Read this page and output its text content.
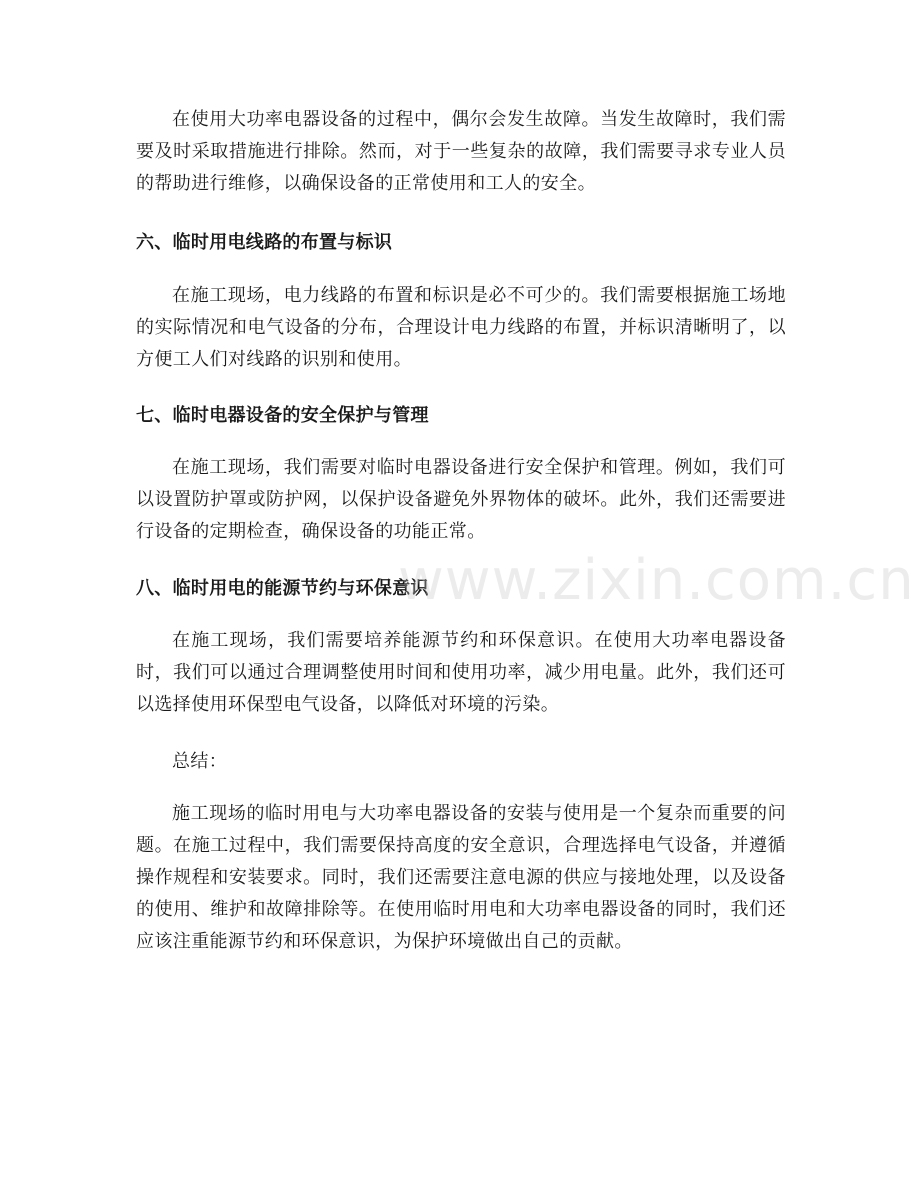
在使用大功率电器设备的过程中，偶尔会发生故障。当发生故障时，我们需要及时采取措施进行排除。然而，对于一些复杂的故障，我们需要寻求专业人员的帮助进行维修，以确保设备的正常使用和工人的安全。

六、临时用电线路的布置与标识

在施工现场，电力线路的布置和标识是必不可少的。我们需要根据施工场地的实际情况和电气设备的分布，合理设计电力线路的布置，并标识清晰明了，以方便工人们对线路的识别和使用。

七、临时电器设备的安全保护与管理

在施工现场，我们需要对临时电器设备进行安全保护和管理。例如，我们可以设置防护罩或防护网，以保护设备避免外界物体的破坏。此外，我们还需要进行设备的定期检查，确保设备的功能正常。

八、临时用电的能源节约与环保意识

在施工现场，我们需要培养能源节约和环保意识。在使用大功率电器设备时，我们可以通过合理调整使用时间和使用功率，减少用电量。此外，我们还可以选择使用环保型电气设备，以降低对环境的污染。

总结：

施工现场的临时用电与大功率电器设备的安装与使用是一个复杂而重要的问题。在施工过程中，我们需要保持高度的安全意识，合理选择电气设备，并遵循操作规程和安装要求。同时，我们还需要注意电源的供应与接地处理，以及设备的使用、维护和故障排除等。在使用临时用电和大功率电器设备的同时，我们还应该注重能源节约和环保意识，为保护环境做出自己的贡献。

www.zixin.com.cn
